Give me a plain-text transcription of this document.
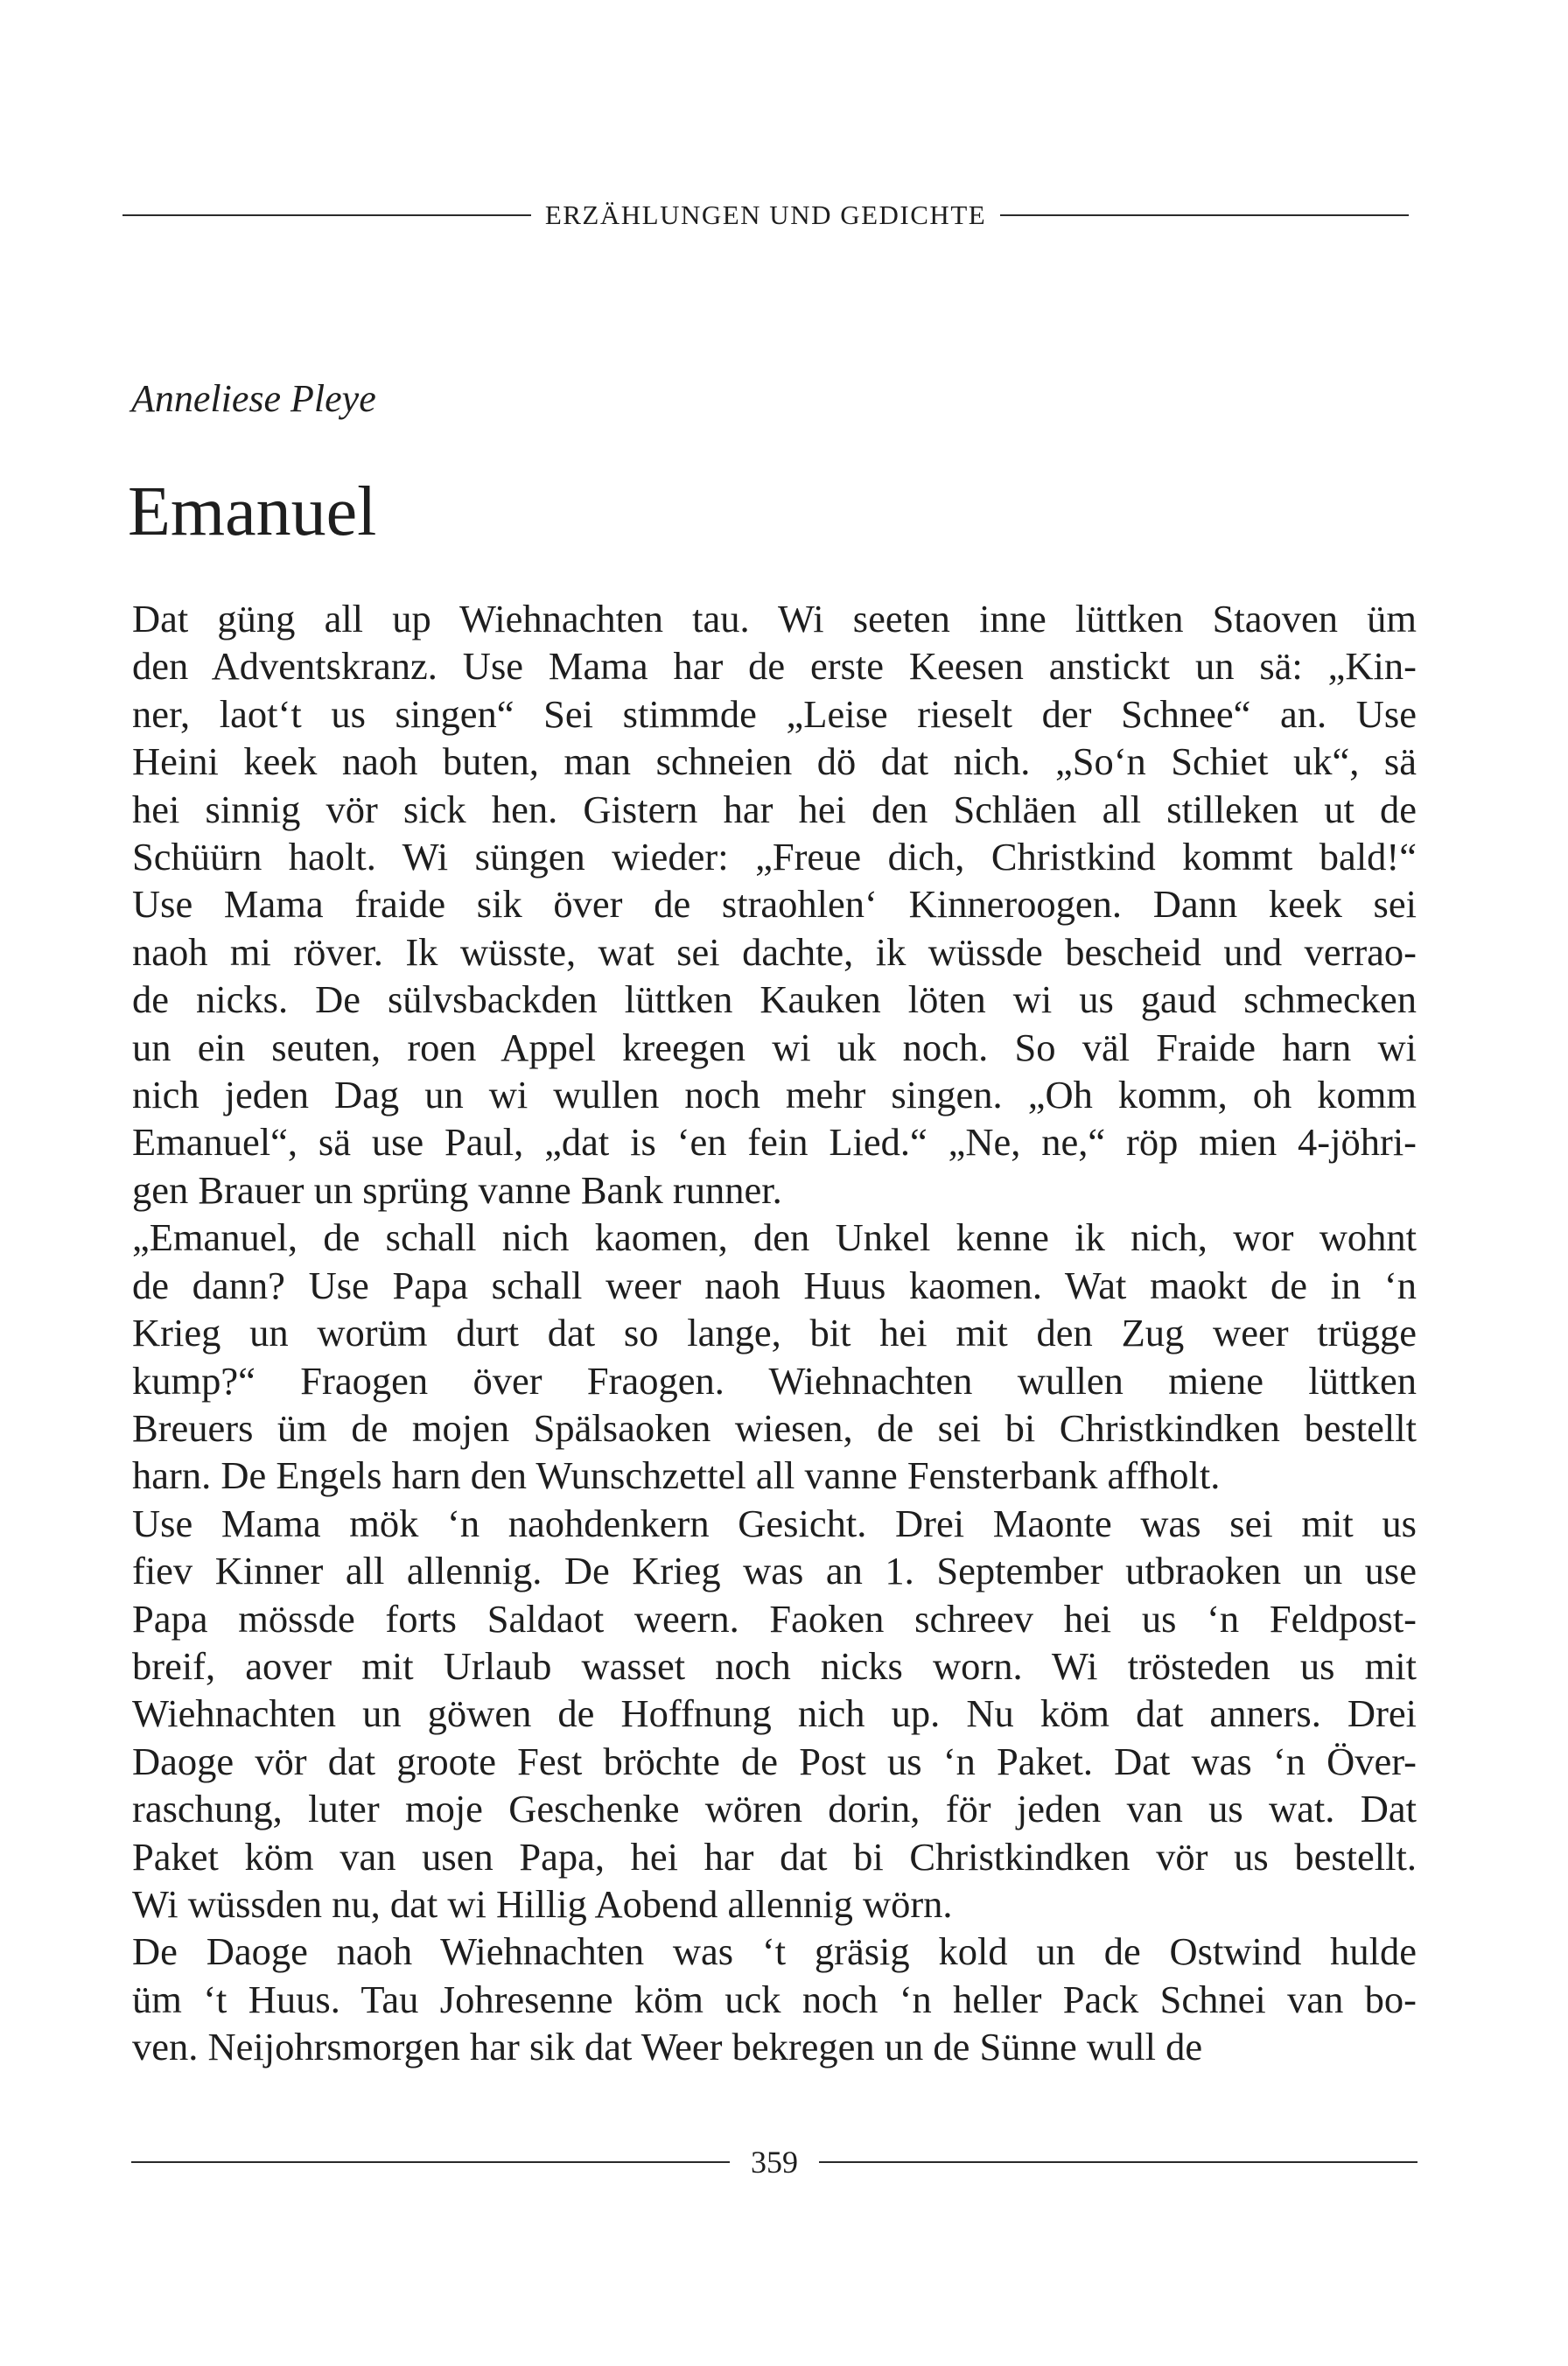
ERZÄHLUNGEN UND GEDICHTE
Anneliese Pleye
Emanuel

Dat güng all up Wiehnachten tau. Wi seeten inne lüttken Staoven üm
den Adventskranz. Use Mama har de erste Keesen anstickt un sä: „Kin-
ner, laot‘t us singen“ Sei stimmde „Leise rieselt der Schnee“ an. Use
Heini keek naoh buten, man schneien dö dat nich. „So‘n Schiet uk“, sä
hei sinnig vör sick hen. Gistern har hei den Schläen all stilleken ut de
Schüürn haolt. Wi süngen wieder: „Freue dich, Christkind kommt bald!“
Use Mama fraide sik över de straohlen‘ Kinneroogen. Dann keek sei
naoh mi röver. Ik wüsste, wat sei dachte, ik wüssde bescheid und verrao-
de nicks. De sülvsbackden lüttken Kauken löten wi us gaud schmecken
un ein seuten, roen Appel kreegen wi uk noch. So väl Fraide harn wi
nich jeden Dag un wi wullen noch mehr singen. „Oh komm, oh komm
Emanuel“, sä use Paul, „dat is ‘en fein Lied.“ „Ne, ne,“ röp mien 4-jöhri-
gen Brauer un sprüng vanne Bank runner.

„Emanuel, de schall nich kaomen, den Unkel kenne ik nich, wor wohnt
de dann? Use Papa schall weer naoh Huus kaomen. Wat maokt de in ‘n
Krieg un worüm durt dat so lange, bit hei mit den Zug weer trügge
kump?“ Fraogen över Fraogen. Wiehnachten wullen miene lüttken
Breuers üm de mojen Spälsaoken wiesen, de sei bi Christkindken bestellt
harn. De Engels harn den Wunschzettel all vanne Fensterbank affholt.

Use Mama mök ‘n naohdenkern Gesicht. Drei Maonte was sei mit us
fiev Kinner all allennig. De Krieg was an 1. September utbraoken un use
Papa mössde forts Saldaot weern. Faoken schreev hei us ‘n Feldpost-
breif, aover mit Urlaub wasset noch nicks worn. Wi trösteden us mit
Wiehnachten un göwen de Hoffnung nich up. Nu köm dat anners. Drei
Daoge vör dat groote Fest bröchte de Post us ‘n Paket. Dat was ‘n Över-
raschung, luter moje Geschenke wören dorin, för jeden van us wat. Dat
Paket köm van usen Papa, hei har dat bi Christkindken vör us bestellt.
Wi wüssden nu, dat wi Hillig Aobend allennig wörn.

De Daoge naoh Wiehnachten was ‘t gräsig kold un de Ostwind hulde
üm ‘t Huus. Tau Johresenne köm uck noch ‘n heller Pack Schnei van bo-
ven. Neijohrsmorgen har sik dat Weer bekregen un de Sünne wull de

359
